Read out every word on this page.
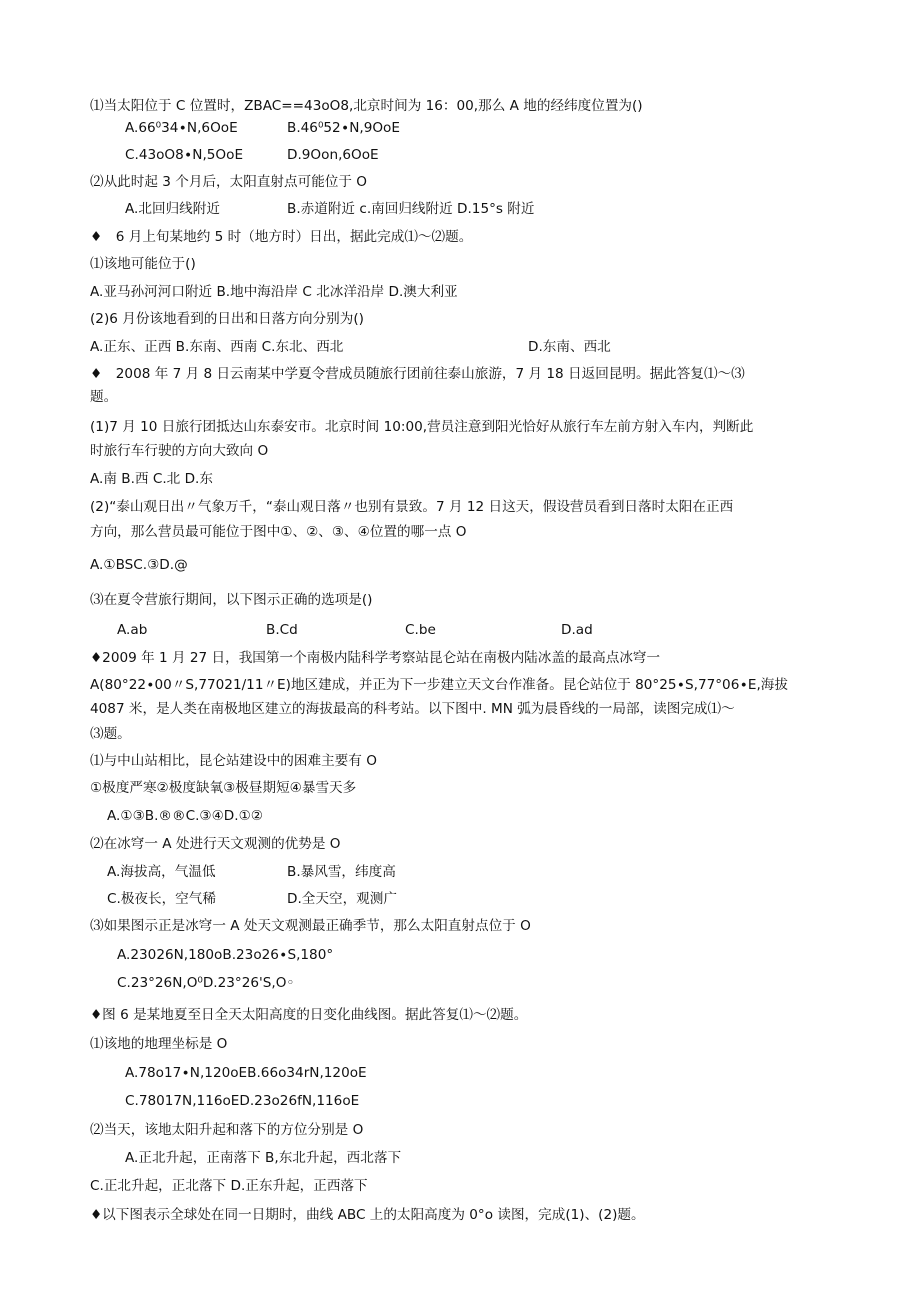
⑴当太阳位于 C 位置时，ZBAC==43oO8,北京时间为 16：00,那么 A 地的经纬度位置为()
A.66⁰34∙N,6OoE	B.46⁰52∙N,9OoE
C.43oO8∙N,5OoE	D.9Oon,6OoE
⑵从此时起 3 个月后，太阳直射点可能位于 O
A.北回归线附近	B.赤道附近 c.南回归线附近 D.15°s 附近
♦　6 月上旬某地约 5 时（地方时）日出，据此完成⑴～⑵题。
⑴该地可能位于()
A.亚马孙河河口附近 B.地中海沿岸 C 北冰洋沿岸 D.澳大利亚
(2)6 月份该地看到的日出和日落方向分别为()
A.正东、正西 B.东南、西南 C.东北、西北	D.东南、西北
♦　2008 年 7 月 8 日云南某中学夏令营成员随旅行团前往泰山旅游，7 月 18 日返回昆明。据此答复⑴～⑶
题。
(1)7 月 10 日旅行团抵达山东泰安市。北京时间 10:00,营员注意到阳光恰好从旅行车左前方射入车内，判断此
时旅行车行驶的方向大致向 O
A.南 B.西 C.北 D.东
(2)“泰山观日出〃气象万千，“泰山观日落〃也别有景致。7 月 12 日这天，假设营员看到日落时太阳在正西
方向，那么营员最可能位于图中①、②、③、④位置的哪一点 O
A.①BSC.③D.@
⑶在夏令营旅行期间，以下图示正确的选项是()
A.ab	B.Cd	C.be	D.ad
♦2009 年 1 月 27 日，我国第一个南极内陆科学考察站昆仑站在南极内陆冰盖的最高点冰穹一
A(80°22∙00〃S,77021∕11〃E)地区建成，并正为下一步建立天文台作准备。昆仑站位于 80°25∙S,77°06∙E,海拔
4087 米，是人类在南极地区建立的海拔最高的科考站。以下图中. MN 弧为晨昏线的一局部，读图完成⑴～
⑶题。
⑴与中山站相比，昆仑站建设中的困难主要有 O
①极度严寒②极度缺氧③极昼期短④暴雪天多
A.①③B.®®C.③④D.①②
⑵在冰穹一 A 处进行天文观测的优势是 O
A.海拔高，气温低	B.暴风雪，纬度高
C.极夜长，空气稀	D.全天空，观测广
⑶如果图示正是冰穹一 A 处天文观测最正确季节，那么太阳直射点位于 O
A.23026N,180oB.23o26∙S,180°
C.23°26N,O⁰D.23°26'S,O◦
♦图 6 是某地夏至日全天太阳高度的日变化曲线图。据此答复⑴～⑵题。
⑴该地的地理坐标是 O
A.78o17∙N,120oEB.66o34rN,120oE
C.78017N,116oED.23o26fN,116oE
⑵当天，该地太阳升起和落下的方位分别是 O
A.正北升起，正南落下 B,东北升起，西北落下
C.正北升起，正北落下 D.正东升起，正西落下
♦以下图表示全球处在同一日期时，曲线 ABC 上的太阳高度为 0°o 读图，完成(1)、(2)题。
